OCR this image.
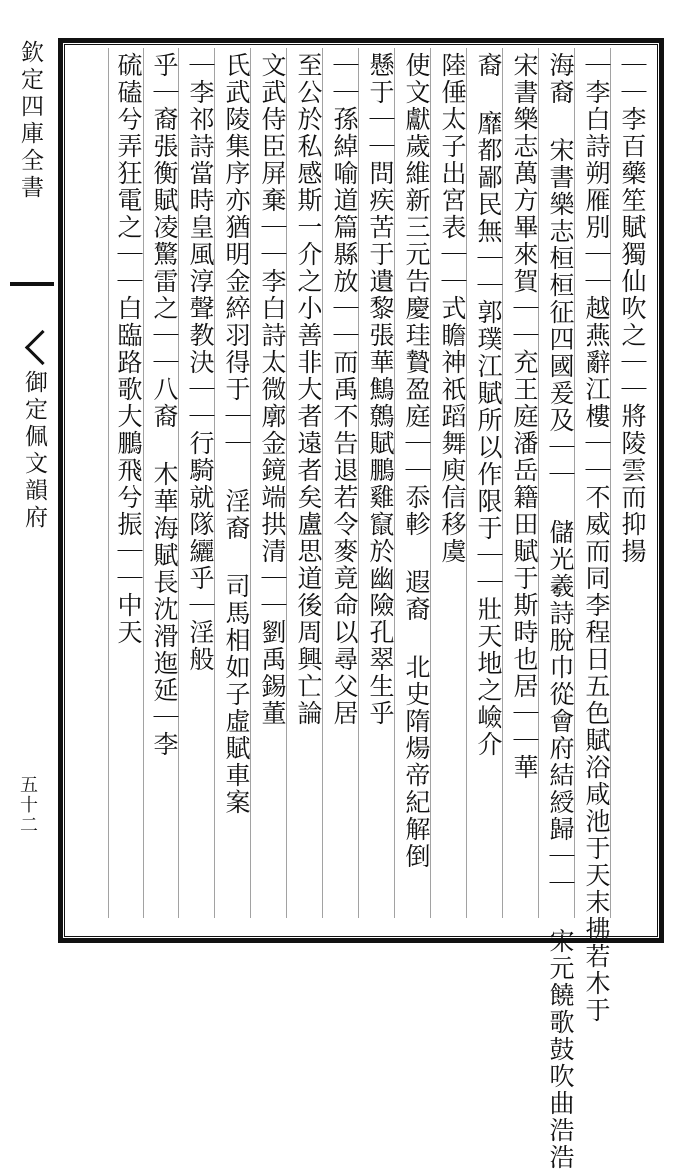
欽定四庫全書
御定佩文韻府
五十二
｜｜李百藥笙賦獨仙吹之｜｜將陵雲而抑揚
｜李白詩朔雁別｜｜越燕辭江樓｜｜不威而同李程日五色賦浴咸池于天末拂若木于
海裔 宋書樂志桓桓征四國爰及｜｜ 儲光羲詩脫巾從會府結綬歸｜｜ 宋元饒歌鼓吹曲浩浩
宋書樂志萬方畢來賀｜｜充王庭潘岳籍田賦于斯時也居｜｜華
裔 靡都鄙民無｜｜郭璞江賦所以作限于｜｜壯天地之嶮介
陸倕太子出宮表｜｜式瞻神祇蹈舞庾信移虞
使文獻歲維新三元告慶珪贄盈庭｜｜忝軫 遐裔 北史隋煬帝紀解倒
懸于｜｜問疾苦于遺黎張華鷦鷯賦鵬雞竄於幽險孔翠生乎
｜｜孫綽喻道篇縣放｜｜而禹不告退若令麥竟命以尋父居
至公於私感斯一介之小善非大者遠者矣盧思道後周興亡論
文武侍臣屏棄｜｜李白詩太微廓金鏡端拱清｜｜劉禹錫董
氏武陵集序亦猶明金綷羽得于｜｜ 淫裔 司馬相如子虛賦車案
｜李祁詩當時皇風淳聲教決｜｜行騎就隊纚乎｜淫般
乎｜裔張衡賦凌驚雷之｜｜八裔 木華海賦長沈滑迤延｜李
硫磕兮弄狂電之｜｜白臨路歌大鵬飛兮振｜｜中天
